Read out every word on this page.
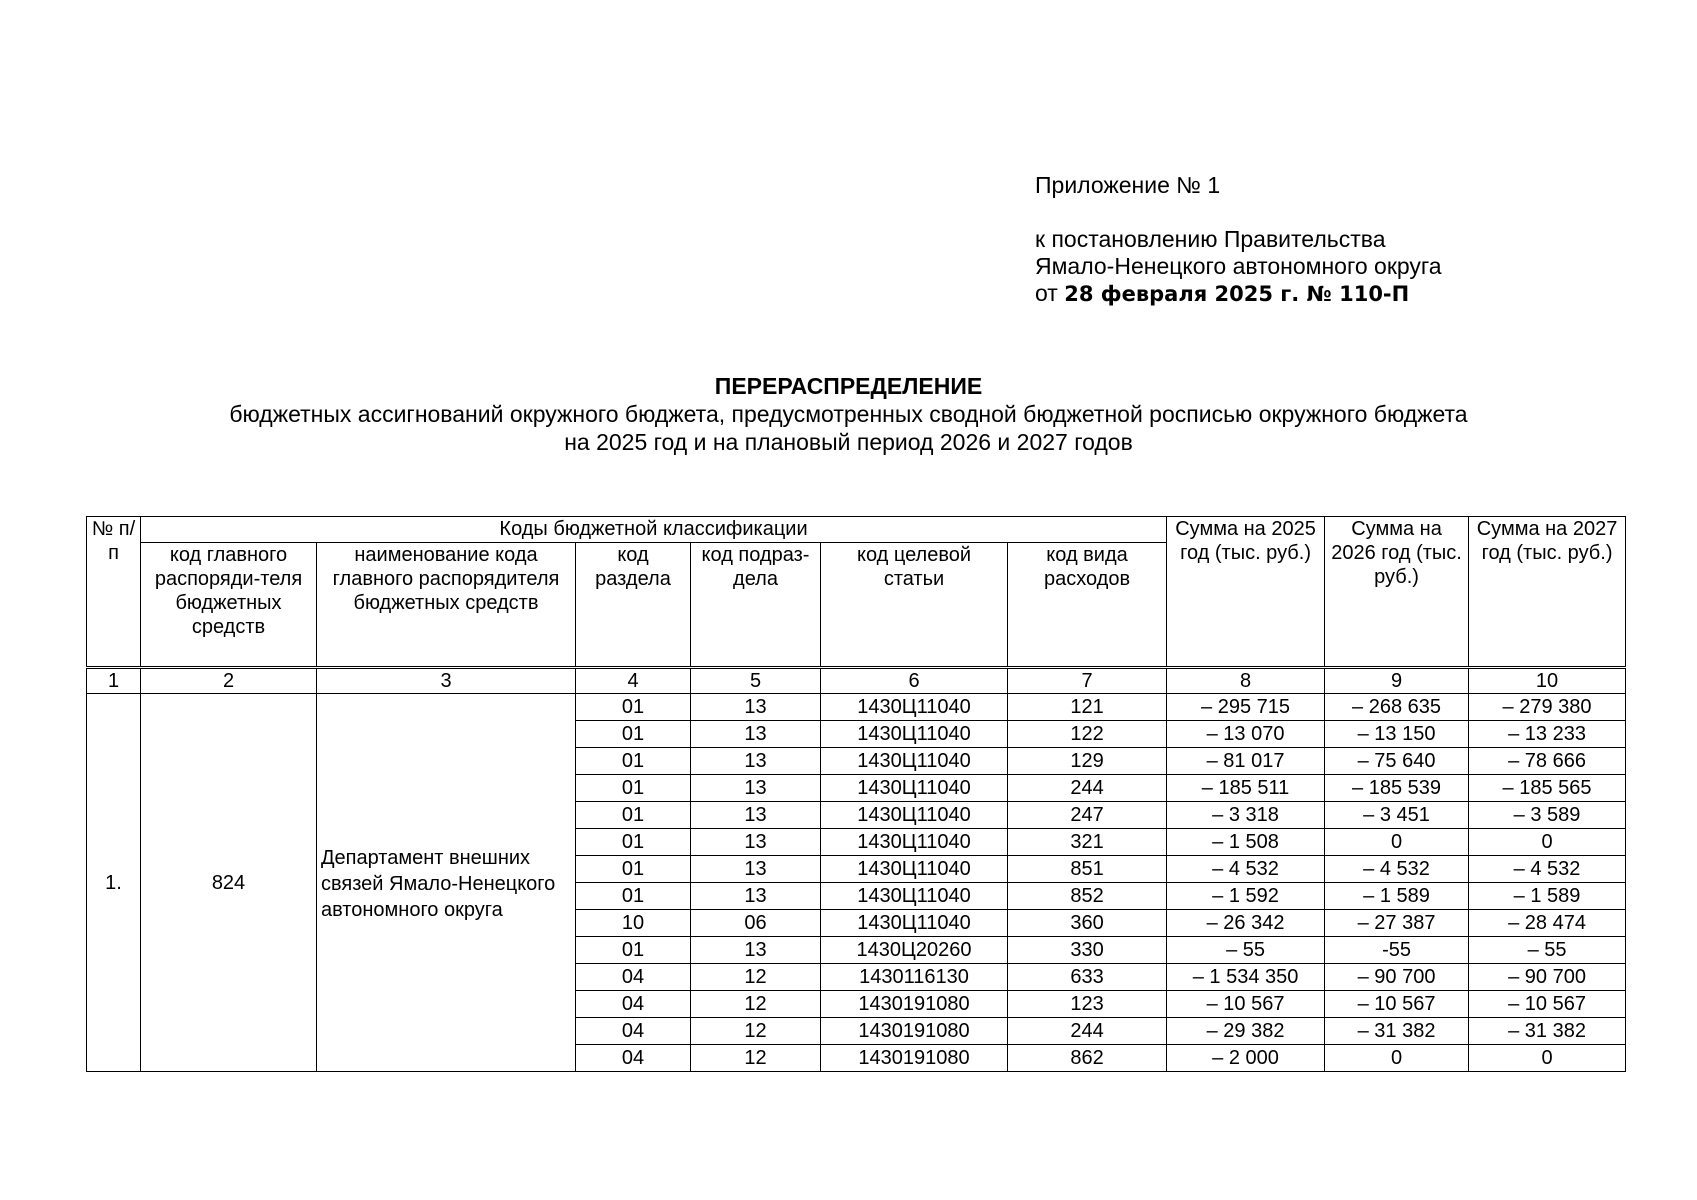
Приложение № 1
к постановлению Правительства
Ямало-Ненецкого автономного округа
от 28 февраля 2025 г. № 110-П
ПЕРЕРАСПРЕДЕЛЕНИЕ
бюджетных ассигнований окружного бюджета, предусмотренных сводной бюджетной росписью окружного бюджета
на 2025 год и на плановый период 2026 и 2027 годов
№ п/п	Коды бюджетной классификации						Сумма на 2025 год (тыс. руб.)	Сумма на 2026 год (тыс. руб.)	Сумма на 2027 год (тыс. руб.)
	код главного распоряди-теля бюджетных средств	наименование кода главного распорядителя бюджетных средств	код раздела	код подраз-дела	код целевой статьи	код вида расходов			
1	2	3	4	5	6	7	8	9	10
1.	824	Департамент внешних связей Ямало-Ненецкого автономного округа	01	13	1430Ц11040	121	– 295 715	– 268 635	– 279 380
			01	13	1430Ц11040	122	– 13 070	– 13 150	– 13 233
			01	13	1430Ц11040	129	– 81 017	– 75 640	– 78 666
			01	13	1430Ц11040	244	– 185 511	– 185 539	– 185 565
			01	13	1430Ц11040	247	– 3 318	– 3 451	– 3 589
			01	13	1430Ц11040	321	– 1 508	0	0
			01	13	1430Ц11040	851	– 4 532	– 4 532	– 4 532
			01	13	1430Ц11040	852	– 1 592	– 1 589	– 1 589
			10	06	1430Ц11040	360	– 26 342	– 27 387	– 28 474
			01	13	1430Ц20260	330	– 55	-55	– 55
			04	12	1430116130	633	– 1 534 350	– 90 700	– 90 700
			04	12	1430191080	123	– 10 567	– 10 567	– 10 567
			04	12	1430191080	244	– 29 382	– 31 382	– 31 382
			04	12	1430191080	862	– 2 000	0	0
